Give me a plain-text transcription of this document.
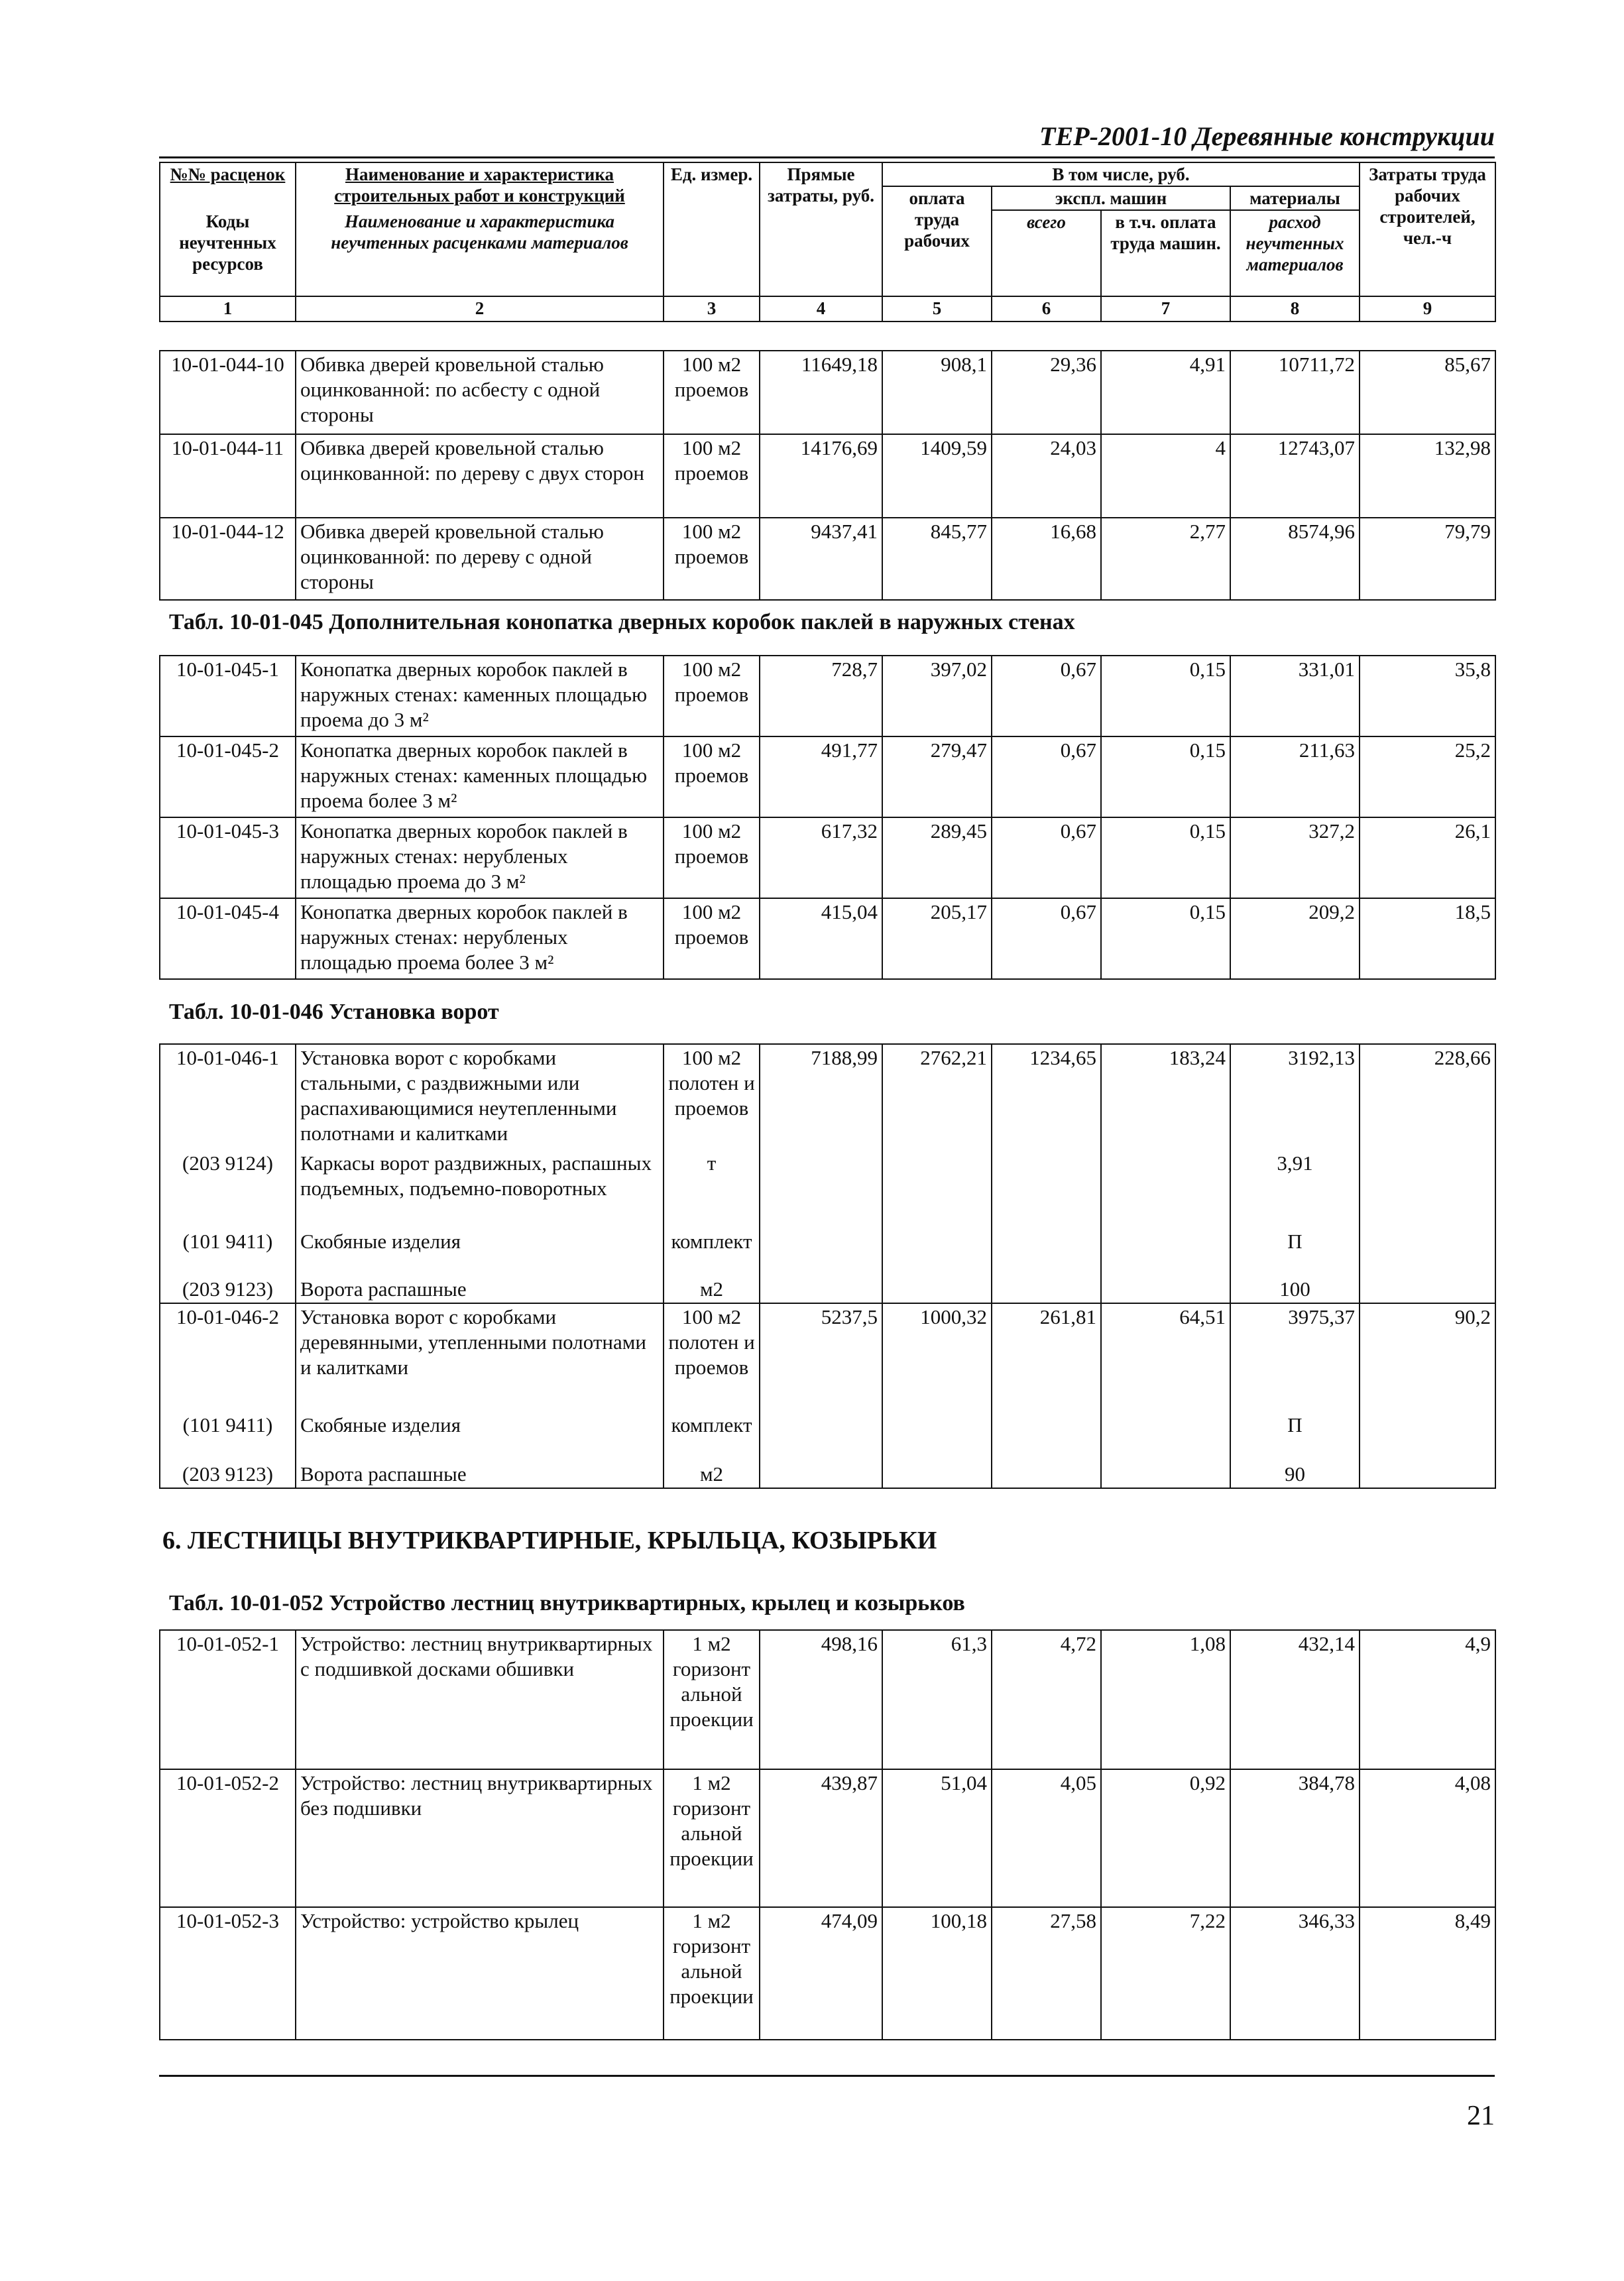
ТЕР-2001-10 Деревянные конструкции
№№ расценок	Наименование и характеристика строительных работ и конструкций	Ед. измер.	Прямые затраты, руб.	В том числе, руб.				Затраты труда рабочих строителей, чел.-ч
				оплата труда рабочих	экспл. машин		материалы	
Коды неучтенных ресурсов	Наименование и характеристика неучтенных расценками материалов				всего	в т.ч. оплата труда машин.	расход неучтенных материалов	
1	2	3	4	5	6	7	8	9
10-01-044-10	Обивка дверей кровельной сталью оцинкованной: по асбесту с одной стороны	100 м2 проемов	11649,18	908,1	29,36	4,91	10711,72	85,67
10-01-044-11	Обивка дверей кровельной сталью оцинкованной: по дереву с двух сторон	100 м2 проемов	14176,69	1409,59	24,03	4	12743,07	132,98
10-01-044-12	Обивка дверей кровельной сталью оцинкованной: по дереву с одной стороны	100 м2 проемов	9437,41	845,77	16,68	2,77	8574,96	79,79
Табл. 10-01-045 Дополнительная конопатка дверных коробок паклей в наружных стенах
10-01-045-1	Конопатка дверных коробок паклей в наружных стенах: каменных площадью проема до 3 м²	100 м2 проемов	728,7	397,02	0,67	0,15	331,01	35,8
10-01-045-2	Конопатка дверных коробок паклей в наружных стенах: каменных площадью проема более 3 м²	100 м2 проемов	491,77	279,47	0,67	0,15	211,63	25,2
10-01-045-3	Конопатка дверных коробок паклей в наружных стенах: нерубленых площадью проема до 3 м²	100 м2 проемов	617,32	289,45	0,67	0,15	327,2	26,1
10-01-045-4	Конопатка дверных коробок паклей в наружных стенах: нерубленых площадью проема более 3 м²	100 м2 проемов	415,04	205,17	0,67	0,15	209,2	18,5
Табл. 10-01-046 Установка ворот
10-01-046-1	Установка ворот с коробками стальными, с раздвижными или распахивающимися неутепленными полотнами и калитками	100 м2 полотен и проемов	7188,99	2762,21	1234,65	183,24	3192,13	228,66
(203 9124)	Каркасы ворот раздвижных, распашных подъемных, подъемно-поворотных	т					3,91	
(101 9411)	Скобяные изделия	комплект					П	
(203 9123)	Ворота распашные	м2					100	
10-01-046-2	Установка ворот с коробками деревянными, утепленными полотнами и калитками	100 м2 полотен и проемов	5237,5	1000,32	261,81	64,51	3975,37	90,2
(101 9411)	Скобяные изделия	комплект					П	
(203 9123)	Ворота распашные	м2					90	
6. ЛЕСТНИЦЫ ВНУТРИКВАРТИРНЫЕ, КРЫЛЬЦА, КОЗЫРЬКИ
Табл. 10-01-052 Устройство лестниц внутриквартирных, крылец и козырьков
10-01-052-1	Устройство: лестниц внутриквартирных с подшивкой досками обшивки	1 м2 горизонтальной проекции	498,16	61,3	4,72	1,08	432,14	4,9
10-01-052-2	Устройство: лестниц внутриквартирных без подшивки	1 м2 горизонтальной проекции	439,87	51,04	4,05	0,92	384,78	4,08
10-01-052-3	Устройство: устройство крылец	1 м2 горизонтальной проекции	474,09	100,18	27,58	7,22	346,33	8,49
21
